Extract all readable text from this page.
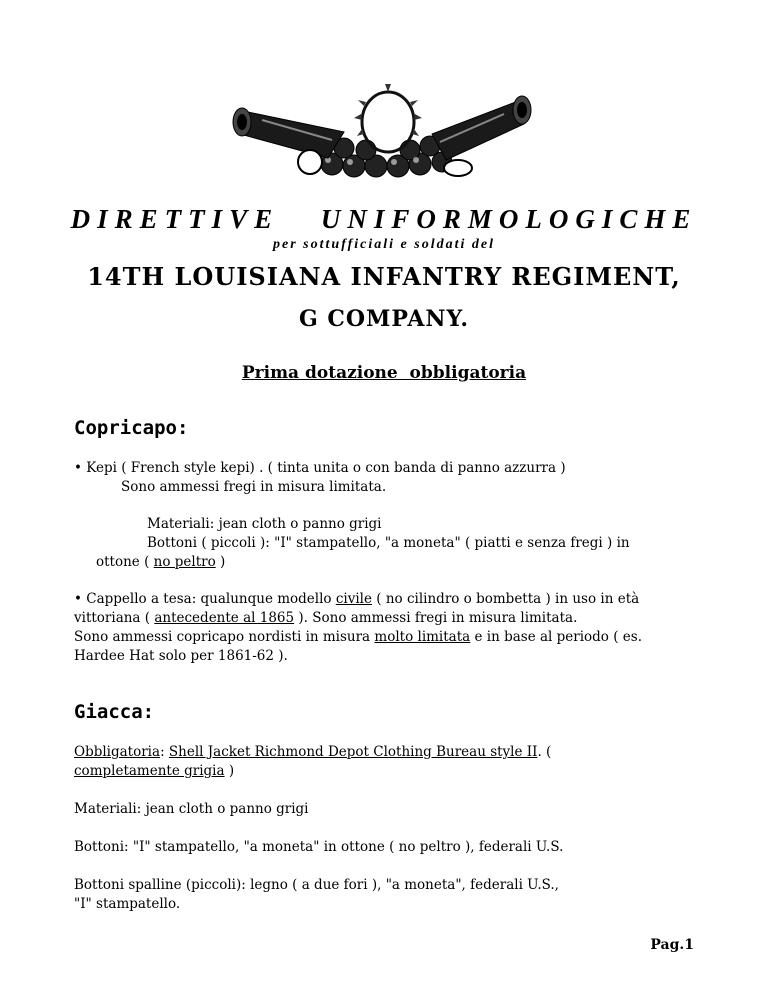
DIRETTIVE UNIFORMOLOGICHE
per sottufficiali e soldati del
14TH LOUISIANA INFANTRY REGIMENT,
G COMPANY.
Prima dotazione  obbligatoria
Copricapo:
• Kepi ( French style kepi) . ( tinta unita o con banda di panno azzurra )
Sono ammessi fregi in misura limitata.
Materiali: jean cloth o panno grigi
Bottoni ( piccoli ): "I" stampatello, "a moneta" ( piatti e senza fregi ) in
ottone ( no peltro )
• Cappello a tesa: qualunque modello civile ( no cilindro o bombetta ) in uso in età
vittoriana ( antecedente al 1865 ). Sono ammessi fregi in misura limitata.
Sono ammessi copricapo nordisti in misura molto limitata e in base al periodo ( es.
Hardee Hat solo per 1861-62 ).
Giacca:
Obbligatoria: Shell Jacket Richmond Depot Clothing Bureau style II. (
completamente grigia )
Materiali: jean cloth o panno grigi
Bottoni: "I" stampatello, "a moneta" in ottone ( no peltro ), federali U.S.
Bottoni spalline (piccoli): legno ( a due fori ), "a moneta", federali U.S.,
"I" stampatello.
Pag.1
